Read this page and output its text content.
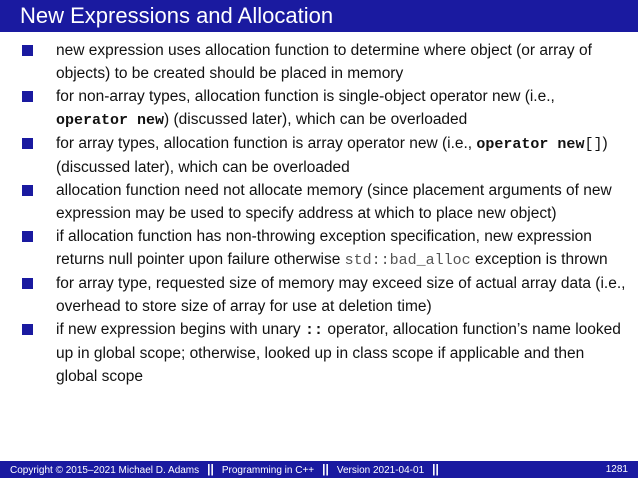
New Expressions and Allocation
new expression uses allocation function to determine where object (or array of objects) to be created should be placed in memory
for non-array types, allocation function is single-object operator new (i.e., operator new) (discussed later), which can be overloaded
for array types, allocation function is array operator new (i.e., operator new[]) (discussed later), which can be overloaded
allocation function need not allocate memory (since placement arguments of new expression may be used to specify address at which to place new object)
if allocation function has non-throwing exception specification, new expression returns null pointer upon failure otherwise std::bad_alloc exception is thrown
for array type, requested size of memory may exceed size of actual array data (i.e., overhead to store size of array for use at deletion time)
if new expression begins with unary :: operator, allocation function’s name looked up in global scope; otherwise, looked up in class scope if applicable and then global scope
Copyright © 2015–2021 Michael D. Adams || Programming in C++ || Version 2021-04-01 ||	1281
